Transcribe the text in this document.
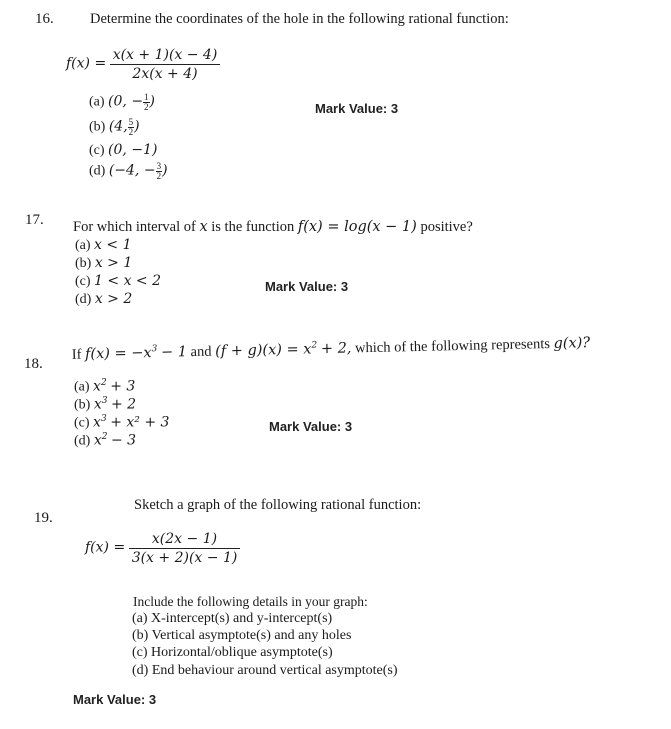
16.	Determine the coordinates of the hole in the following rational function:
$f(x) = \frac{x(x + 1)(x - 4)}{2x(x + 4)}$
(a) (0, − $\frac{1}{2}$ )
(b) (4, $\frac{5}{2}$ )
(c) (0, −1)
(d) (−4, − $\frac{3}{2}$ )
Mark Value: 3
17. For which interval of x is the function f(x) = log(x − 1) positive?
(a) x < 1
(b) x > 1
(c) 1 < x < 2
(d) x > 2
Mark Value: 3
18.
If $f(x) = -x^3 - 1$ and $(f + g)(x) = x^2 + 2$, which of the following represents g(x)?
(a) $x^2 + 3$
(b) $x^3 + 2$
(c) $x^3 + x^2 + 3$
(d) $x^2 - 3$
Mark Value: 3
Sketch a graph of the following rational function:
19.
$f(x) = \frac{x(2x - 1)}{3(x + 2)(x - 1)}$
Include the following details in your graph:
(a) X-intercept(s) and y-intercept(s)
(b) Vertical asymptote(s) and any holes
(c) Horizontal/oblique asymptote(s)
(d) End behaviour around vertical asymptote(s)
Mark Value: 3
